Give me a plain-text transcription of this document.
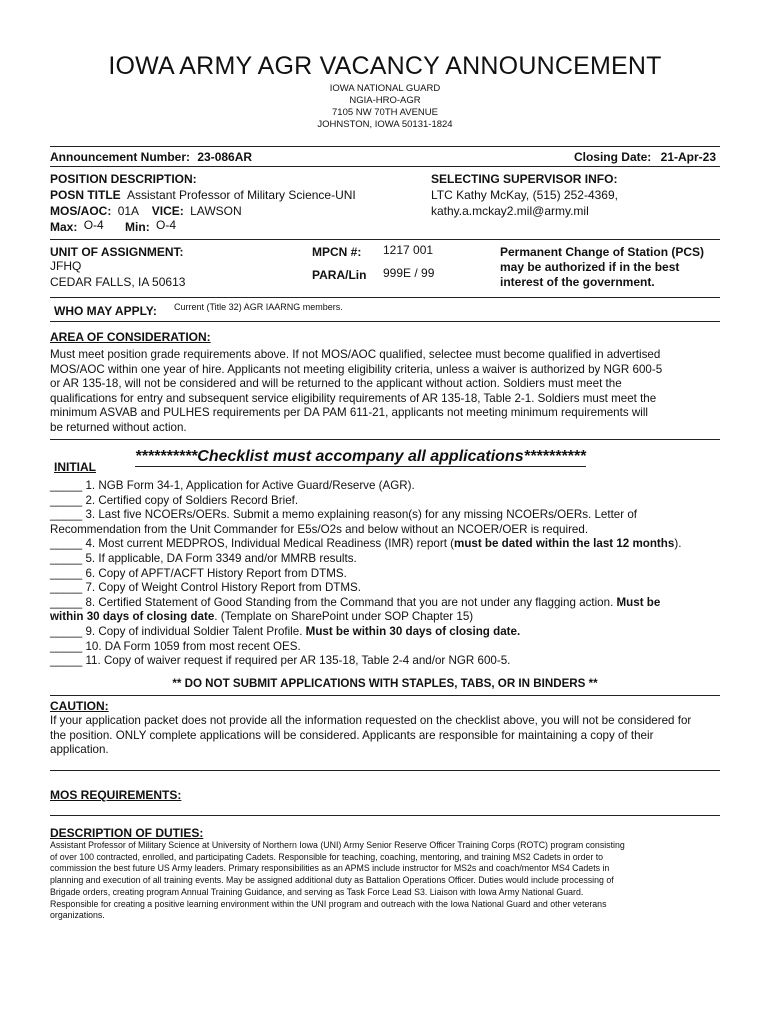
IOWA ARMY AGR VACANCY ANNOUNCEMENT
IOWA NATIONAL GUARD
NGIA-HRO-AGR
7105 NW 70TH AVENUE
JOHNSTON, IOWA 50131-1824
Announcement Number: 23-086AR	Closing Date: 21-Apr-23
POSITION DESCRIPTION:
POSN TITLE Assistant Professor of Military Science-UNI
MOS/AOC: 01A VICE: LAWSON
Max: O-4 Min: O-4
SELECTING SUPERVISOR INFO:
LTC Kathy McKay, (515) 252-4369,
kathy.a.mckay2.mil@army.mil
UNIT OF ASSIGNMENT:
JFHQ
CEDAR FALLS, IA 50613
MPCN #: 1217 001
PARA/Lin 999E / 99
Permanent Change of Station (PCS)
may be authorized if in the best
interest of the government.
WHO MAY APPLY: Current (Title 32) AGR IAARNG members.
AREA OF CONSIDERATION:
Must meet position grade requirements above. If not MOS/AOC qualified, selectee must become qualified in advertised
MOS/AOC within one year of hire. Applicants not meeting eligibility criteria, unless a waiver is authorized by NGR 600-5
or AR 135-18, will not be considered and will be returned to the applicant without action. Soldiers must meet the
qualifications for entry and subsequent service eligibility requirements of AR 135-18, Table 2-1. Soldiers must meet the
minimum ASVAB and PULHES requirements per DA PAM 611-21, applicants not meeting minimum requirements will
be returned without action.
INITIAL
**********Checklist must accompany all applications**********
_____ 1. NGB Form 34-1, Application for Active Guard/Reserve (AGR).
_____ 2. Certified copy of Soldiers Record Brief.
_____ 3. Last five NCOERs/OERs. Submit a memo explaining reason(s) for any missing NCOERs/OERs. Letter of
Recommendation from the Unit Commander for E5s/O2s and below without an NCOER/OER is required.
_____ 4. Most current MEDPROS, Individual Medical Readiness (IMR) report (must be dated within the last 12 months).
_____ 5. If applicable, DA Form 3349 and/or MMRB results.
_____ 6. Copy of APFT/ACFT History Report from DTMS.
_____ 7. Copy of Weight Control History Report from DTMS.
_____ 8. Certified Statement of Good Standing from the Command that you are not under any flagging action. Must be
within 30 days of closing date. (Template on SharePoint under SOP Chapter 15)
_____ 9. Copy of individual Soldier Talent Profile. Must be within 30 days of closing date.
_____ 10. DA Form 1059 from most recent OES.
_____ 11. Copy of waiver request if required per AR 135-18, Table 2-4 and/or NGR 600-5.
** DO NOT SUBMIT APPLICATIONS WITH STAPLES, TABS, OR IN BINDERS **
CAUTION:
If your application packet does not provide all the information requested on the checklist above, you will not be considered for
the position. ONLY complete applications will be considered. Applicants are responsible for maintaining a copy of their
application.
MOS REQUIREMENTS:
DESCRIPTION OF DUTIES:
Assistant Professor of Military Science at University of Northern Iowa (UNI) Army Senior Reserve Officer Training Corps (ROTC) program consisting
of over 100 contracted, enrolled, and participating Cadets. Responsible for teaching, coaching, mentoring, and training MS2 Cadets in order to
commission the best future US Army leaders. Primary responsibilities as an APMS include instructor for MS2s and coach/mentor MS4 Cadets in
planning and execution of all training events. May be assigned additional duty as Battalion Operations Officer. Duties would include processing of
Brigade orders, creating program Annual Training Guidance, and serving as Task Force Lead S3. Liaison with Iowa Army National Guard.
Responsible for creating a positive learning environment within the UNI program and outreach with the Iowa National Guard and other veterans
organizations.
